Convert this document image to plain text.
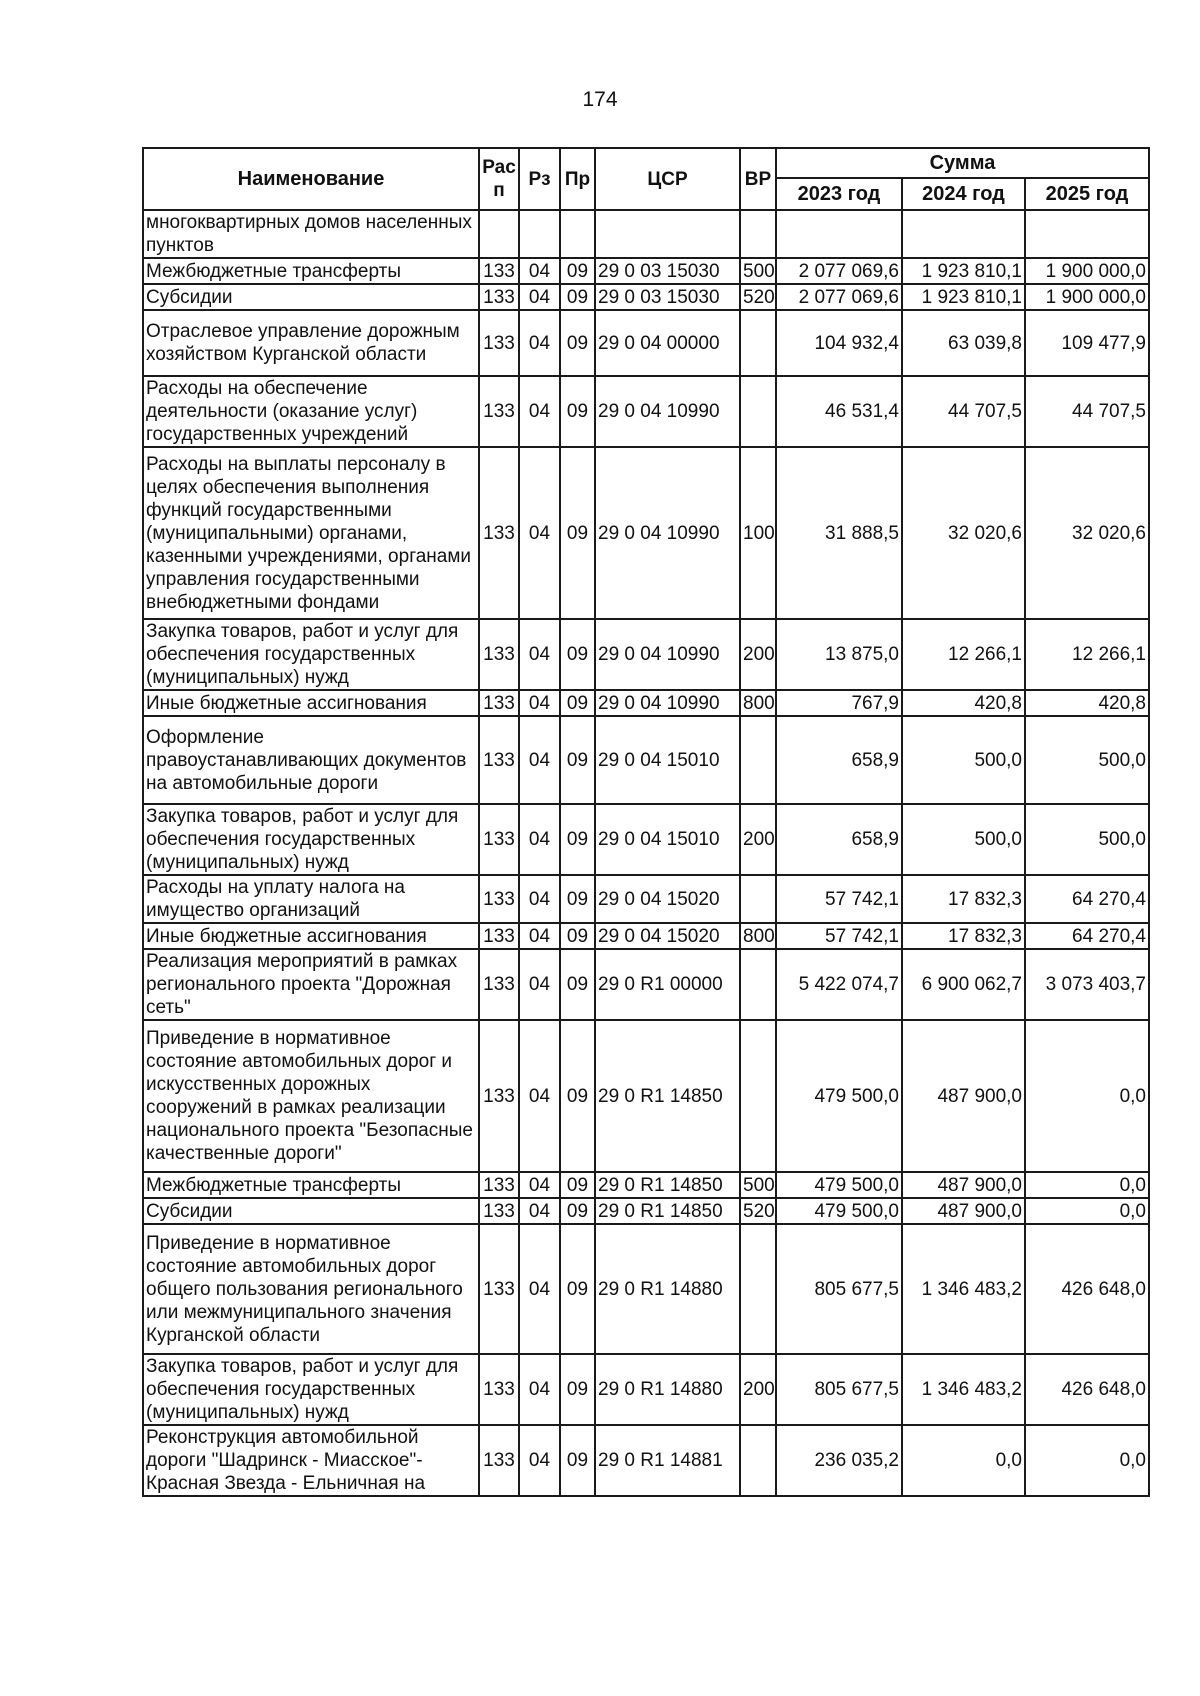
174
Наименование	Рас п	Рз	Пр	ЦСР	ВР	Сумма		
						2023 год	2024 год	2025 год
многоквартирных домов населенных пунктов								
Межбюджетные трансферты	133	04	09	29 0 03 15030	500	2 077 069,6	1 923 810,1	1 900 000,0
Субсидии	133	04	09	29 0 03 15030	520	2 077 069,6	1 923 810,1	1 900 000,0
Отраслевое управление дорожным хозяйством Курганской области	133	04	09	29 0 04 00000		104 932,4	63 039,8	109 477,9
Расходы на обеспечение деятельности (оказание услуг) государственных учреждений	133	04	09	29 0 04 10990		46 531,4	44 707,5	44 707,5
Расходы на выплаты персоналу в целях обеспечения выполнения функций государственными (муниципальными) органами, казенными учреждениями, органами управления государственными внебюджетными фондами	133	04	09	29 0 04 10990	100	31 888,5	32 020,6	32 020,6
Закупка товаров, работ и услуг для обеспечения государственных (муниципальных) нужд	133	04	09	29 0 04 10990	200	13 875,0	12 266,1	12 266,1
Иные бюджетные ассигнования	133	04	09	29 0 04 10990	800	767,9	420,8	420,8
Оформление правоустанавливающих документов на автомобильные дороги	133	04	09	29 0 04 15010		658,9	500,0	500,0
Закупка товаров, работ и услуг для обеспечения государственных (муниципальных) нужд	133	04	09	29 0 04 15010	200	658,9	500,0	500,0
Расходы на уплату налога на имущество организаций	133	04	09	29 0 04 15020		57 742,1	17 832,3	64 270,4
Иные бюджетные ассигнования	133	04	09	29 0 04 15020	800	57 742,1	17 832,3	64 270,4
Реализация мероприятий в рамках регионального проекта "Дорожная сеть"	133	04	09	29 0 R1 00000		5 422 074,7	6 900 062,7	3 073 403,7
Приведение в нормативное состояние автомобильных дорог и искусственных дорожных сооружений в рамках реализации национального проекта "Безопасные качественные дороги"	133	04	09	29 0 R1 14850		479 500,0	487 900,0	0,0
Межбюджетные трансферты	133	04	09	29 0 R1 14850	500	479 500,0	487 900,0	0,0
Субсидии	133	04	09	29 0 R1 14850	520	479 500,0	487 900,0	0,0
Приведение в нормативное состояние автомобильных дорог общего пользования регионального или межмуниципального значения Курганской области	133	04	09	29 0 R1 14880		805 677,5	1 346 483,2	426 648,0
Закупка товаров, работ и услуг для обеспечения государственных (муниципальных) нужд	133	04	09	29 0 R1 14880	200	805 677,5	1 346 483,2	426 648,0
Реконструкция автомобильной дороги "Шадринск - Миасское"- Красная Звезда - Ельничная на	133	04	09	29 0 R1 14881		236 035,2	0,0	0,0
